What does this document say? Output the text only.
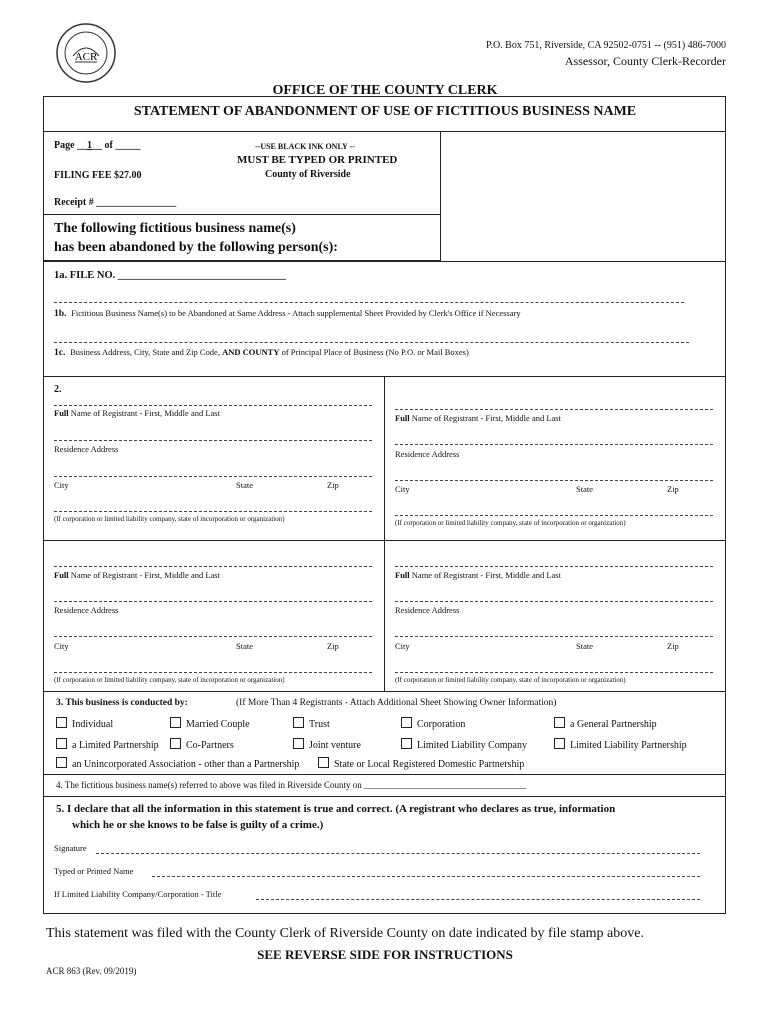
ACR
P.O. Box 751, Riverside, CA 92502-0751 -- (951) 486-7000
Assessor, County Clerk-Recorder
OFFICE OF THE COUNTY CLERK
STATEMENT OF ABANDONMENT OF USE OF FICTITIOUS BUSINESS NAME
Page __1__ of _____	--USE BLACK INK ONLY --
MUST BE TYPED OR PRINTED
County of Riverside
FILING FEE $27.00
Receipt # ________________
The following fictitious business name(s)
has been abandoned by the following person(s):
1a. FILE NO. ________________________________
1b. Fictitious Business Name(s) to be Abandoned at Same Address - Attach supplemental Sheet Provided by Clerk's Office if Necessary
1c. Business Address, City, State and Zip Code, AND COUNTY of Principal Place of Business (No P.O. or Mail Boxes)
2.
Full Name of Registrant - First, Middle and Last
Residence Address
City	State	Zip
(If corporation or limited liability company, state of incorporation or organization)
Full Name of Registrant - First, Middle and Last
Residence Address
City	State	Zip
(If corporation or limited liability company, state of incorporation or organization)
Full Name of Registrant - First, Middle and Last
Residence Address
City	State	Zip
(If corporation or limited liability company, state of incorporation or organization)
Full Name of Registrant - First, Middle and Last
Residence Address
City	State	Zip
(If corporation or limited liability company, state of incorporation or organization)
3. This business is conducted by:	(If More Than 4 Registrants - Attach Additional Sheet Showing Owner Information)
Individual	Married Couple	Trust	Corporation	a General Partnership
a Limited Partnership	Co-Partners	Joint venture	Limited Liability Company	Limited Liability Partnership
an Unincorporated Association - other than a Partnership	State or Local Registered Domestic Partnership
4. The fictitious business name(s) referred to above was filed in Riverside County on ____________________________________
5. I declare that all the information in this statement is true and correct. (A registrant who declares as true, information
which he or she knows to be false is guilty of a crime.)
Signature
Typed or Printed Name
If Limited Liability Company/Corporation - Title
This statement was filed with the County Clerk of Riverside County on date indicated by file stamp above.
SEE REVERSE SIDE FOR INSTRUCTIONS
ACR 863 (Rev. 09/2019)
